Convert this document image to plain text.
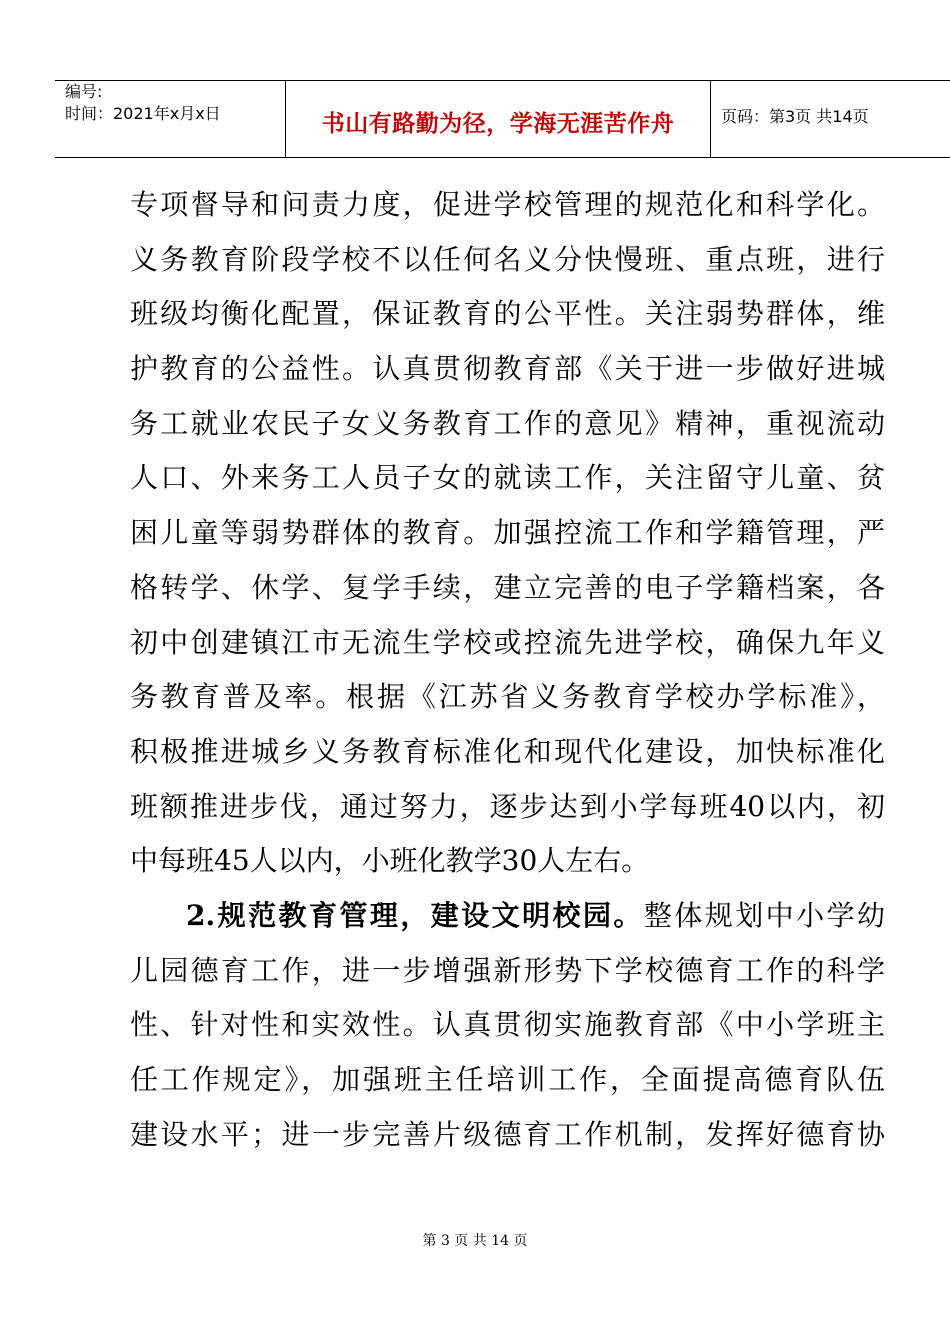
编号:
时间：2021年x月x日	书山有路勤为径，学海无涯苦作舟	页码：第3页 共14页
专项督导和问责力度，促进学校管理的规范化和科学化。
义务教育阶段学校不以任何名义分快慢班、重点班，进行
班级均衡化配置，保证教育的公平性。关注弱势群体，维
护教育的公益性。认真贯彻教育部《关于进一步做好进城
务工就业农民子女义务教育工作的意见》精神，重视流动
人口、外来务工人员子女的就读工作，关注留守儿童、贫
困儿童等弱势群体的教育。加强控流工作和学籍管理，严
格转学、休学、复学手续，建立完善的电子学籍档案，各
初中创建镇江市无流生学校或控流先进学校，确保九年义
务教育普及率。根据《江苏省义务教育学校办学标准》，
积极推进城乡义务教育标准化和现代化建设，加快标准化
班额推进步伐，通过努力，逐步达到小学每班40以内，初
中每班45人以内，小班化教学30人左右。
2.规范教育管理，建设文明校园。整体规划中小学幼
儿园德育工作，进一步增强新形势下学校德育工作的科学
性、针对性和实效性。认真贯彻实施教育部《中小学班主
任工作规定》，加强班主任培训工作，全面提高德育队伍
建设水平；进一步完善片级德育工作机制，发挥好德育协
第 3 页 共 14 页
